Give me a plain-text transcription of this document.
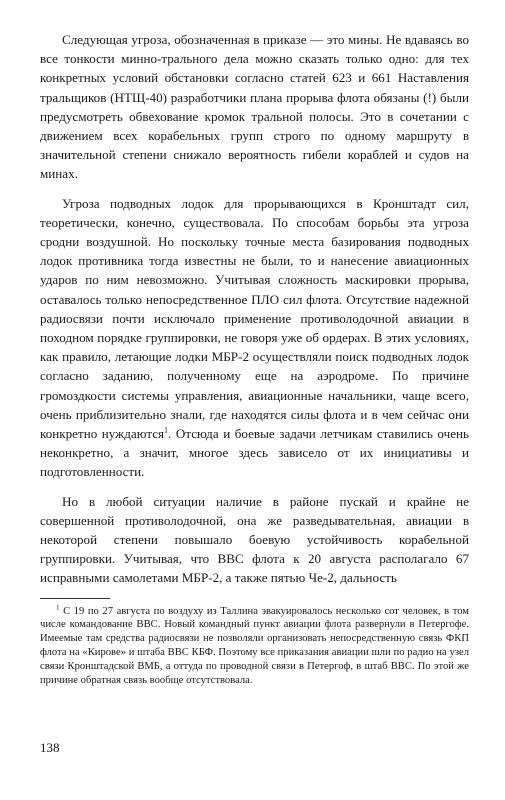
Следующая угроза, обозначенная в приказе — это мины. Не вдаваясь во все тонкости минно-трального дела можно сказать только одно: для тех конкретных условий обстановки согласно статей 623 и 661 Наставления тральщиков (НТЩ-40) разработчики плана прорыва флота обязаны (!) были предусмотреть обвехование кромок тральной полосы. Это в сочетании с движением всех корабельных групп строго по одному маршруту в значительной степени снижало вероятность гибели кораблей и судов на минах.

Угроза подводных лодок для прорывающихся в Кронштадт сил, теоретически, конечно, существовала. По способам борьбы эта угроза сродни воздушной. Но поскольку точные места базирования подводных лодок противника тогда известны не были, то и нанесение авиационных ударов по ним невозможно. Учитывая сложность маскировки прорыва, оставалось только непосредственное ПЛО сил флота. Отсутствие надежной радиосвязи почти исключало применение противолодочной авиации в походном порядке группировки, не говоря уже об ордерах. В этих условиях, как правило, летающие лодки МБР-2 осуществляли поиск подводных лодок согласно заданию, полученному еще на аэродроме. По причине громоздкости системы управления, авиационные начальники, чаще всего, очень приблизительно знали, где находятся силы флота и в чем сейчас они конкретно нуждаются$^1$. Отсюда и боевые задачи летчикам ставились очень неконкретно, а значит, многое здесь зависело от их инициативы и подготовленности.

Но в любой ситуации наличие в районе пускай и крайне не совершенной противолодочной, она же разведывательная, авиации в некоторой степени повышало боевую устойчивость корабельной группировки. Учитывая, что ВВС флота к 20 августа располагало 67 исправными самолетами МБР-2, а также пятью Че-2, дальность

$^1$ С 19 по 27 августа по воздуху из Таллина эвакуировалось несколько сот человек, в том числе командование ВВС. Новый командный пункт авиации флота развернули в Петергофе. Имеемые там средства радиосвязи не позволяли организовать непосредственную связь ФКП флота на «Кирове» и штаба ВВС КБФ. Поэтому все приказания авиации шли по радио на узел связи Кронштадской ВМБ, а оттуда по проводной связи в Петергоф, в штаб ВВС. По этой же причине обратная связь вообще отсутствовала.

138
